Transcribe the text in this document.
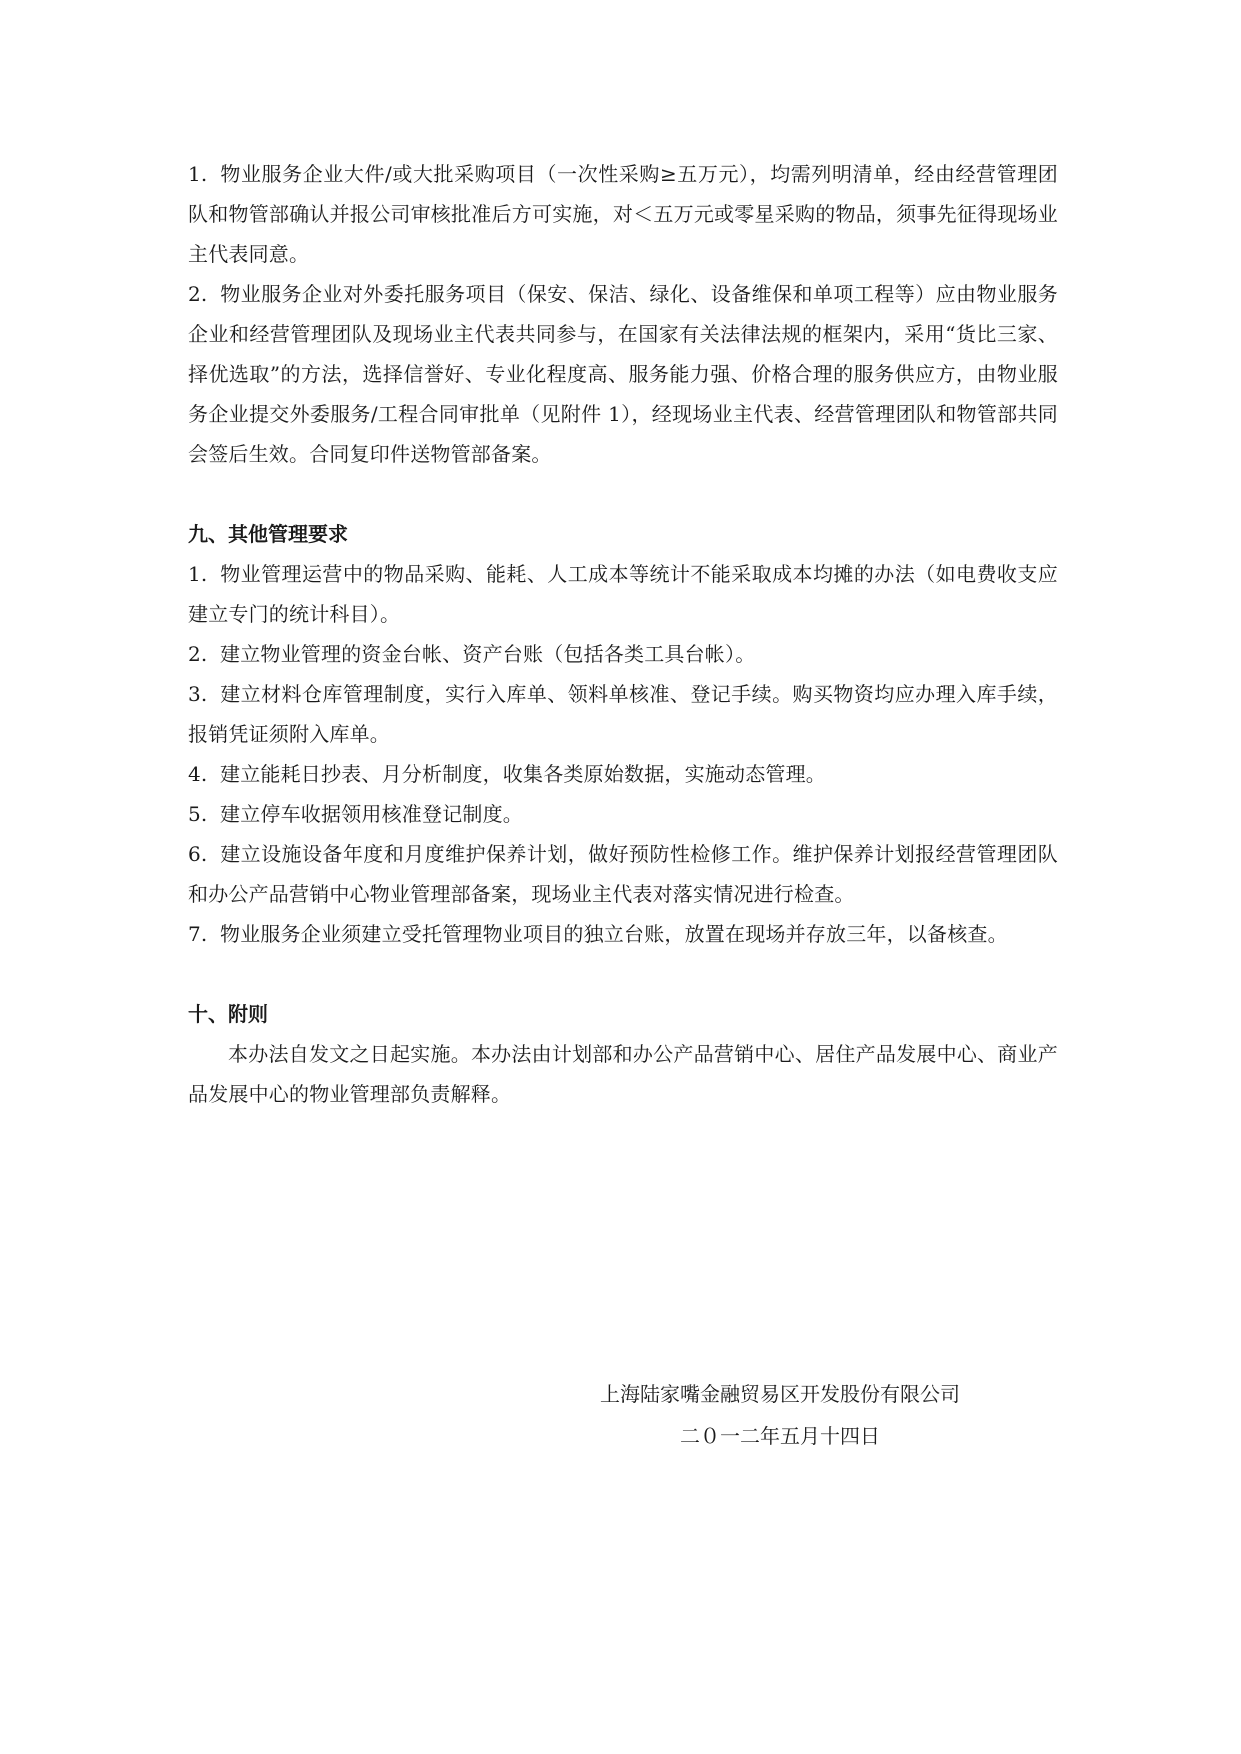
1. 物业服务企业大件/或大批采购项目（一次性采购≥五万元），均需列明清单，经由经营管理团队和物管部确认并报公司审核批准后方可实施，对＜五万元或零星采购的物品，须事先征得现场业主代表同意。

2. 物业服务企业对外委托服务项目（保安、保洁、绿化、设备维保和单项工程等）应由物业服务企业和经营管理团队及现场业主代表共同参与，在国家有关法律法规的框架内，采用“货比三家、择优选取”的方法，选择信誉好、专业化程度高、服务能力强、价格合理的服务供应方，由物业服务企业提交外委服务/工程合同审批单（见附件 1），经现场业主代表、经营管理团队和物管部共同会签后生效。合同复印件送物管部备案。

九、其他管理要求

1. 物业管理运营中的物品采购、能耗、人工成本等统计不能采取成本均摊的办法（如电费收支应建立专门的统计科目）。

2. 建立物业管理的资金台帐、资产台账（包括各类工具台帐）。

3. 建立材料仓库管理制度，实行入库单、领料单核准、登记手续。购买物资均应办理入库手续，报销凭证须附入库单。

4. 建立能耗日抄表、月分析制度，收集各类原始数据，实施动态管理。

5. 建立停车收据领用核准登记制度。

6. 建立设施设备年度和月度维护保养计划，做好预防性检修工作。维护保养计划报经营管理团队和办公产品营销中心物业管理部备案，现场业主代表对落实情况进行检查。

7. 物业服务企业须建立受托管理物业项目的独立台账，放置在现场并存放三年，以备核查。

十、附则

本办法自发文之日起实施。本办法由计划部和办公产品营销中心、居住产品发展中心、商业产品发展中心的物业管理部负责解释。

上海陆家嘴金融贸易区开发股份有限公司
二０一二年五月十四日
